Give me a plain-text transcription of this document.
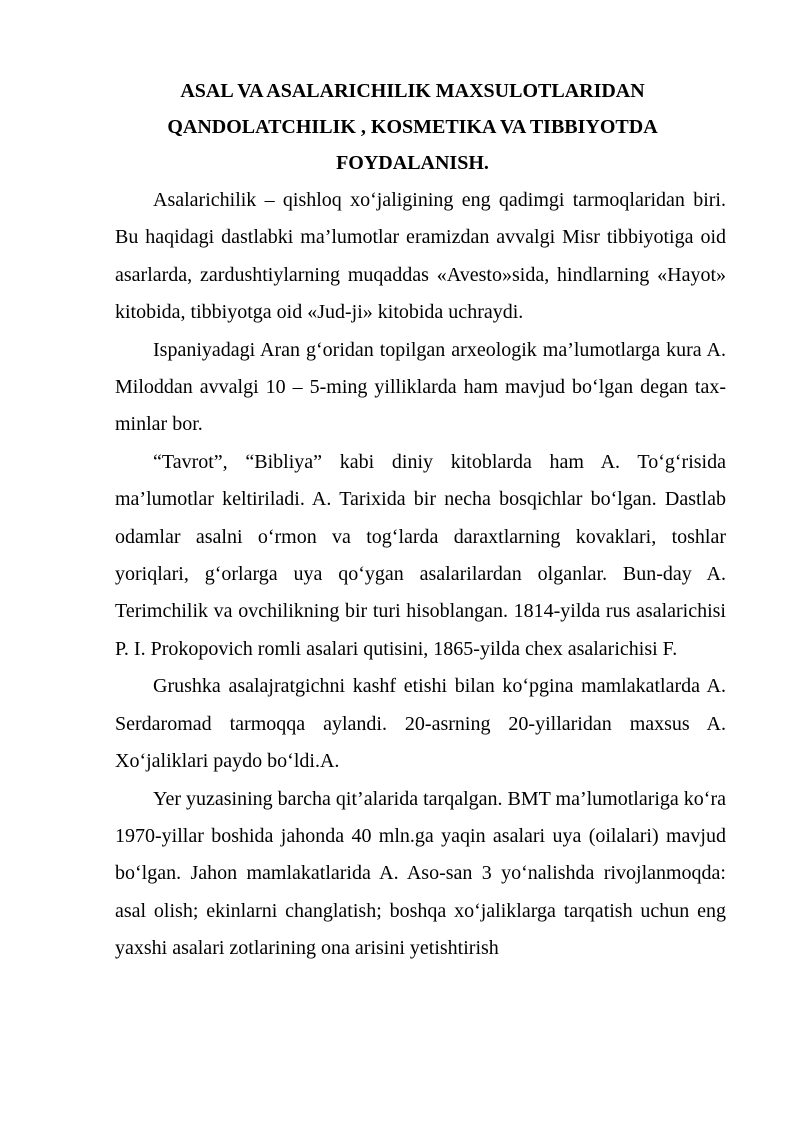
ASAL VA ASALARICHILIK MAXSULOTLARIDAN
QANDOLATCHILIK , KOSMETIKA VA TIBBIYOTDA
FOYDALANISH.

Asalarichilik – qishloq xo‘jaligining eng qadimgi tarmoqlaridan biri. Bu haqidagi dastlabki ma’lumotlar eramizdan avvalgi Misr tibbiyotiga oid asarlarda, zardushtiylarning muqaddas «Avesto»sida, hindlarning «Hayot» kitobida, tibbiyotga oid «Jud-ji» kitobida uchraydi.

Ispaniyadagi Aran g‘oridan topilgan arxeologik ma’lumotlarga kura A. Miloddan avvalgi 10 – 5-ming yilliklarda ham mavjud bo‘lgan degan tax-minlar bor.

“Tavrot”, “Bibliya” kabi diniy kitoblarda ham A. To‘g‘risida ma’lumotlar keltiriladi. A. Tarixida bir necha bosqichlar bo‘lgan. Dastlab odamlar asalni o‘rmon va tog‘larda daraxtlarning kovaklari, toshlar yoriqlari, g‘orlarga uya qo‘ygan asalarilardan olganlar. Bun-day A. Terimchilik va ovchilikning bir turi hisoblangan. 1814-yilda rus asalarichisi P. I. Prokopovich romli asalari qutisini, 1865-yilda chex asalarichisi F.

Grushka asalajratgichni kashf etishi bilan ko‘pgina mamlakatlarda A. Serdaromad tarmoqqa aylandi. 20-asrning 20-yillaridan maxsus A. Xo‘jaliklari paydo bo‘ldi.A.

Yer yuzasining barcha qit’alarida tarqalgan. BMT ma’lumotlariga ko‘ra 1970-yillar boshida jahonda 40 mln.ga yaqin asalari uya (oilalari) mavjud bo‘lgan. Jahon mamlakatlarida A. Aso-san 3 yo‘nalishda rivojlanmoqda: asal olish; ekinlarni changlatish; boshqa xo‘jaliklarga tarqatish uchun eng yaxshi asalari zotlarining ona arisini yetishtirish
